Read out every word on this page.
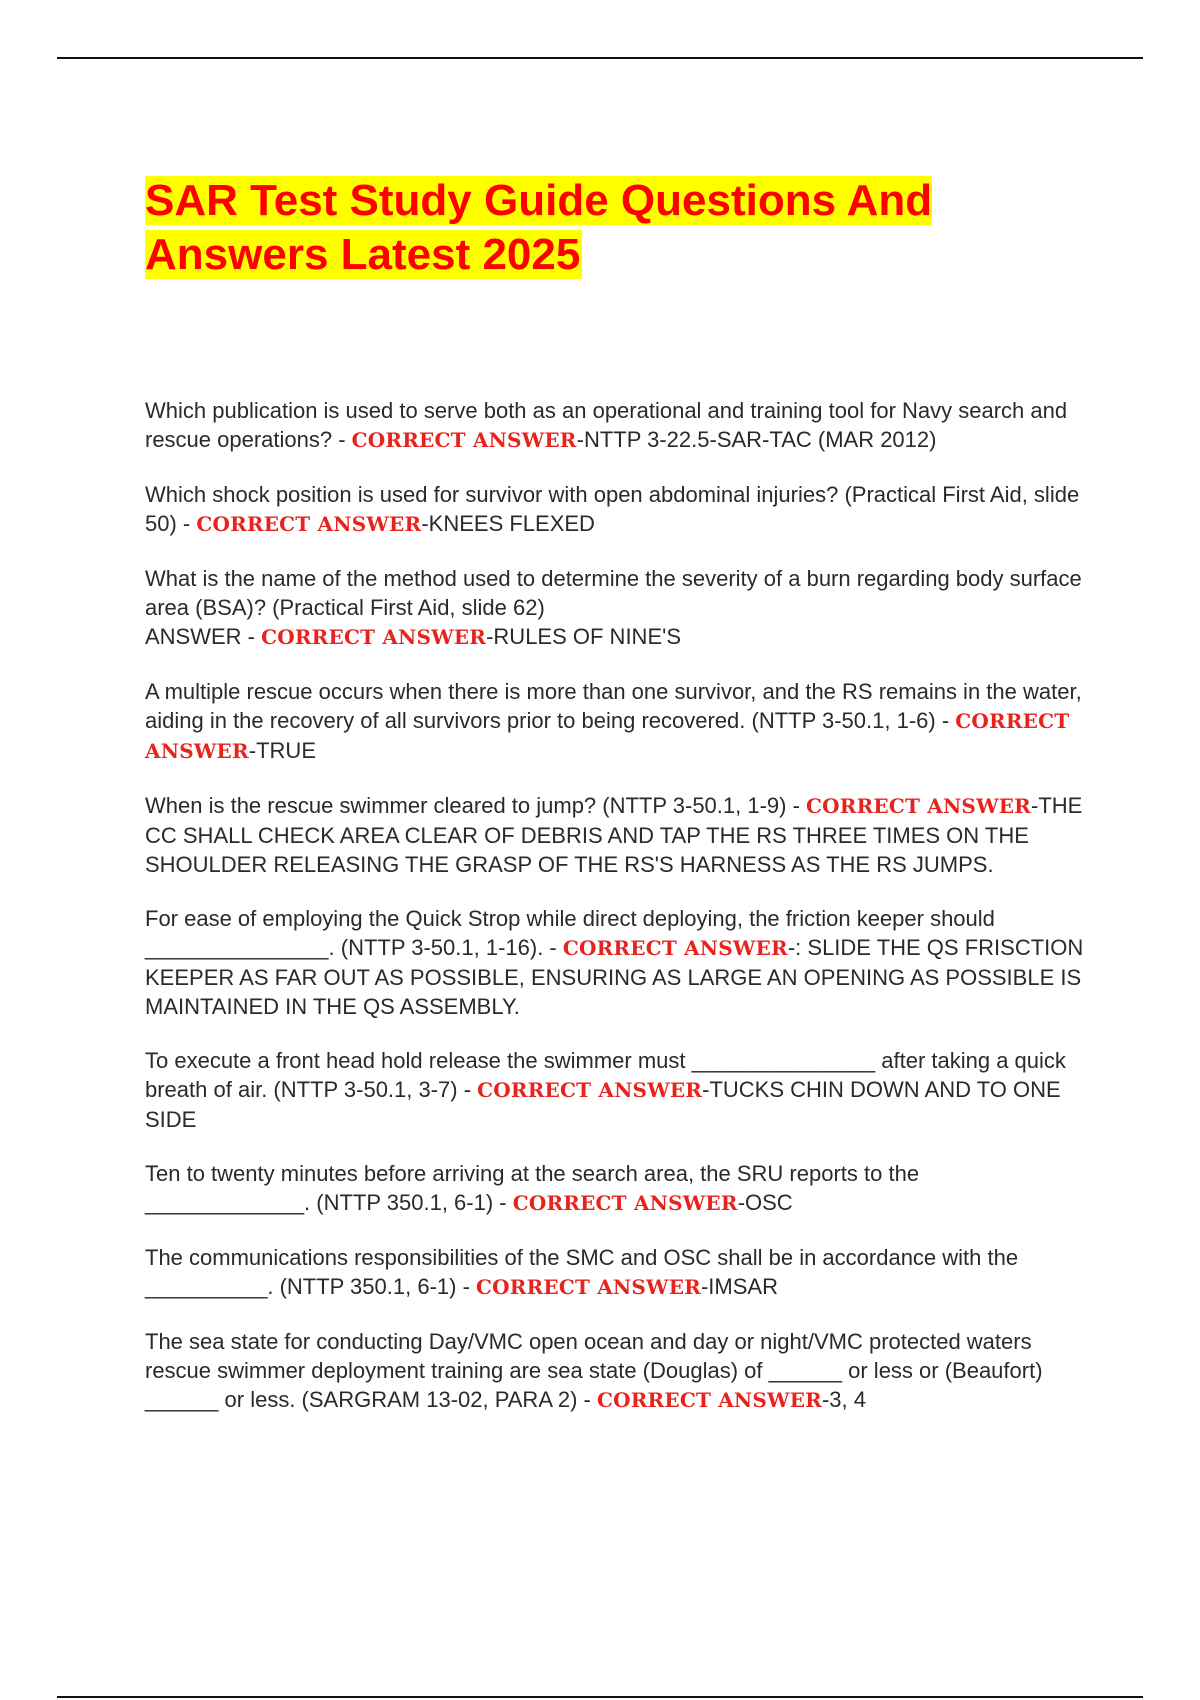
SAR Test Study Guide Questions And Answers Latest 2025

Which publication is used to serve both as an operational and training tool for Navy search and rescue operations? - CORRECT ANSWER-NTTP 3-22.5-SAR-TAC (MAR 2012)

Which shock position is used for survivor with open abdominal injuries? (Practical First Aid, slide 50) - CORRECT ANSWER-KNEES FLEXED

What is the name of the method used to determine the severity of a burn regarding body surface area (BSA)? (Practical First Aid, slide 62)
ANSWER - CORRECT ANSWER-RULES OF NINE'S

A multiple rescue occurs when there is more than one survivor, and the RS remains in the water, aiding in the recovery of all survivors prior to being recovered. (NTTP 3-50.1, 1-6) - CORRECT ANSWER-TRUE

When is the rescue swimmer cleared to jump? (NTTP 3-50.1, 1-9) - CORRECT ANSWER-THE CC SHALL CHECK AREA CLEAR OF DEBRIS AND TAP THE RS THREE TIMES ON THE SHOULDER RELEASING THE GRASP OF THE RS'S HARNESS AS THE RS JUMPS.

For ease of employing the Quick Strop while direct deploying, the friction keeper should _______________. (NTTP 3-50.1, 1-16). - CORRECT ANSWER-: SLIDE THE QS FRISCTION KEEPER AS FAR OUT AS POSSIBLE, ENSURING AS LARGE AN OPENING AS POSSIBLE IS MAINTAINED IN THE QS ASSEMBLY.

To execute a front head hold release the swimmer must _______________ after taking a quick breath of air. (NTTP 3-50.1, 3-7) - CORRECT ANSWER-TUCKS CHIN DOWN AND TO ONE SIDE

Ten to twenty minutes before arriving at the search area, the SRU reports to the _____________. (NTTP 350.1, 6-1) - CORRECT ANSWER-OSC

The communications responsibilities of the SMC and OSC shall be in accordance with the __________. (NTTP 350.1, 6-1) - CORRECT ANSWER-IMSAR

The sea state for conducting Day/VMC open ocean and day or night/VMC protected waters rescue swimmer deployment training are sea state (Douglas) of ______ or less or (Beaufort) ______ or less. (SARGRAM 13-02, PARA 2) - CORRECT ANSWER-3, 4
